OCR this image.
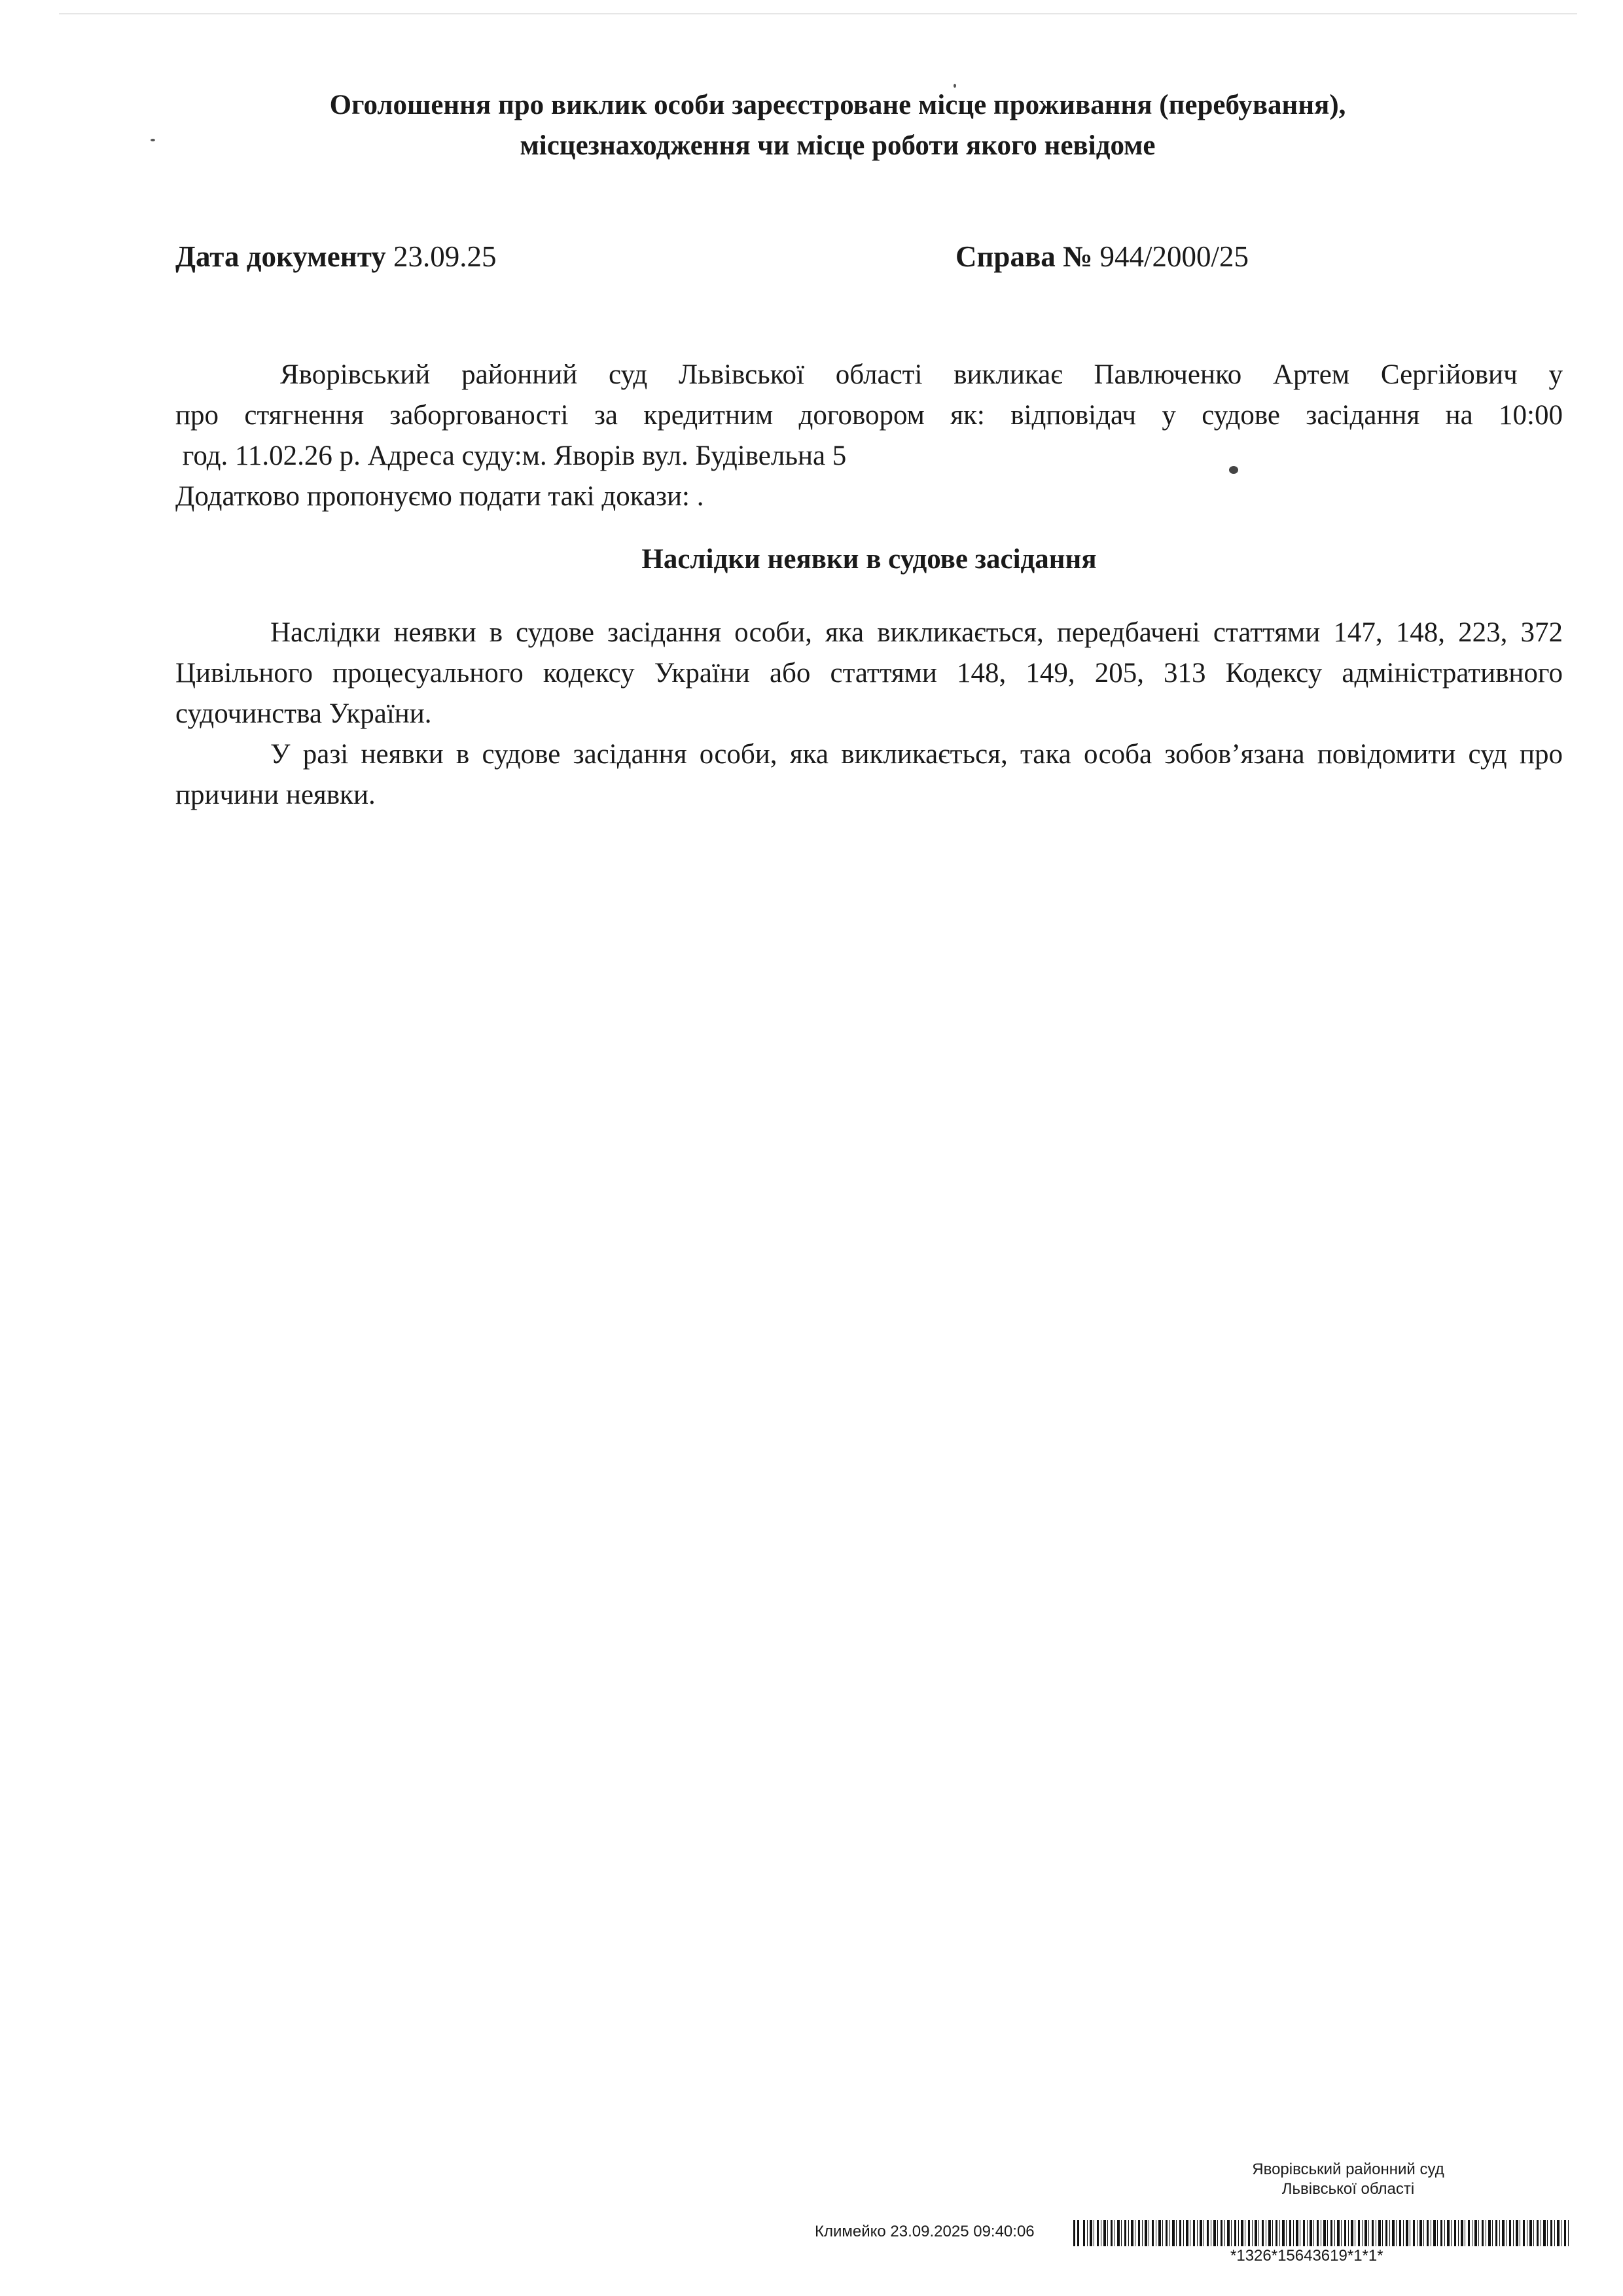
Оголошення про виклик особи зареєстроване місце проживання (перебування),
місцезнаходження чи місце роботи якого невідоме
Дата документу 23.09.25	Справа № 944/2000/25
Яворівський районний суд Львівської області викликає Павлюченко Артем Сергійович у
про стягнення заборгованості за кредитним договором як: відповідач у судове засідання на 10:00
год. 11.02.26 р. Адреса суду:м. Яворів вул. Будівельна 5
Додатково пропонуємо подати такі докази: .
Наслідки неявки в судове засідання

Наслідки неявки в судове засідання особи, яка викликається, передбачені статтями 147, 148, 223, 372 Цивільного процесуального кодексу України або статтями 148, 149, 205, 313 Кодексу адміністративного судочинства України.

У разі неявки в судове засідання особи, яка викликається, така особа зобов’язана повідомити суд про причини неявки.

Яворівський районний суд
Львівської області
Климейко 23.09.2025 09:40:06
*1326*15643619*1*1*
